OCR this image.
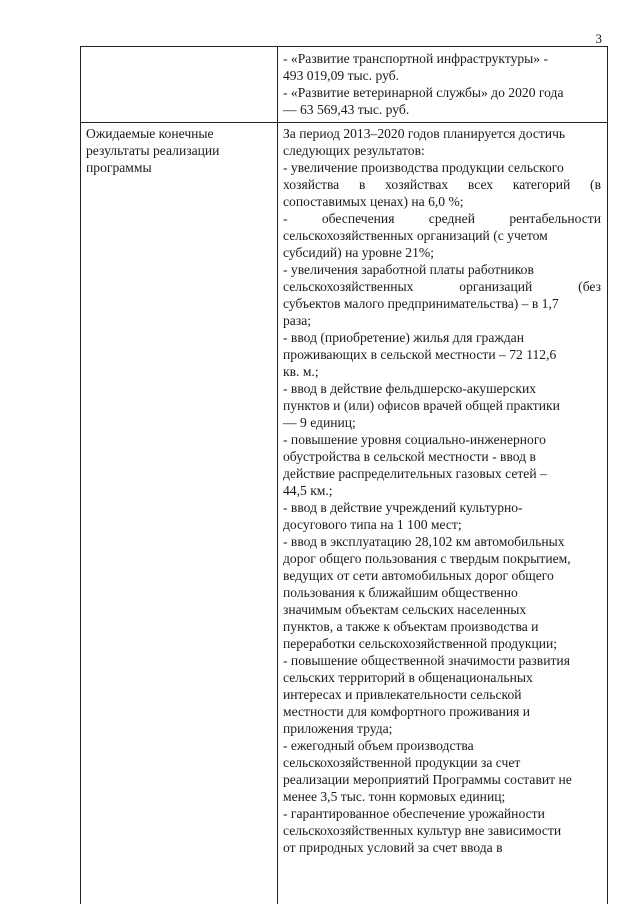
3
- «Развитие транспортной инфраструктуры» -
493 019,09 тыс. руб.
- «Развитие ветеринарной службы» до 2020 года
— 63 569,43 тыс. руб.
Ожидаемые конечные
результаты реализации
программы
За период 2013–2020 годов планируется достичь
следующих результатов:
- увеличение производства продукции сельского
хозяйства в хозяйствах всех категорий (в
сопоставимых ценах) на 6,0 %;
- обеспечения средней рентабельности
сельскохозяйственных организаций (с учетом
субсидий) на уровне 21%;
- увеличения заработной платы работников
сельскохозяйственных организаций (без
субъектов малого предпринимательства) – в 1,7
раза;
- ввод (приобретение) жилья для граждан
проживающих в сельской местности – 72 112,6
кв. м.;
- ввод в действие фельдшерско-акушерских
пунктов и (или) офисов врачей общей практики
— 9 единиц;
- повышение уровня социально-инженерного
обустройства в сельской местности - ввод в
действие распределительных газовых сетей –
44,5 км.;
- ввод в действие учреждений культурно-
досугового типа на 1 100 мест;
- ввод в эксплуатацию 28,102 км автомобильных
дорог общего пользования с твердым покрытием,
ведущих от сети автомобильных дорог общего
пользования к ближайшим общественно
значимым объектам сельских населенных
пунктов, а также к объектам производства и
переработки сельскохозяйственной продукции;
- повышение общественной значимости развития
сельских территорий в общенациональных
интересах и привлекательности сельской
местности для комфортного проживания и
приложения труда;
- ежегодный объем производства
сельскохозяйственной продукции за счет
реализации мероприятий Программы составит не
менее 3,5 тыс. тонн кормовых единиц;
- гарантированное обеспечение урожайности
сельскохозяйственных культур вне зависимости
от природных условий за счет ввода в
